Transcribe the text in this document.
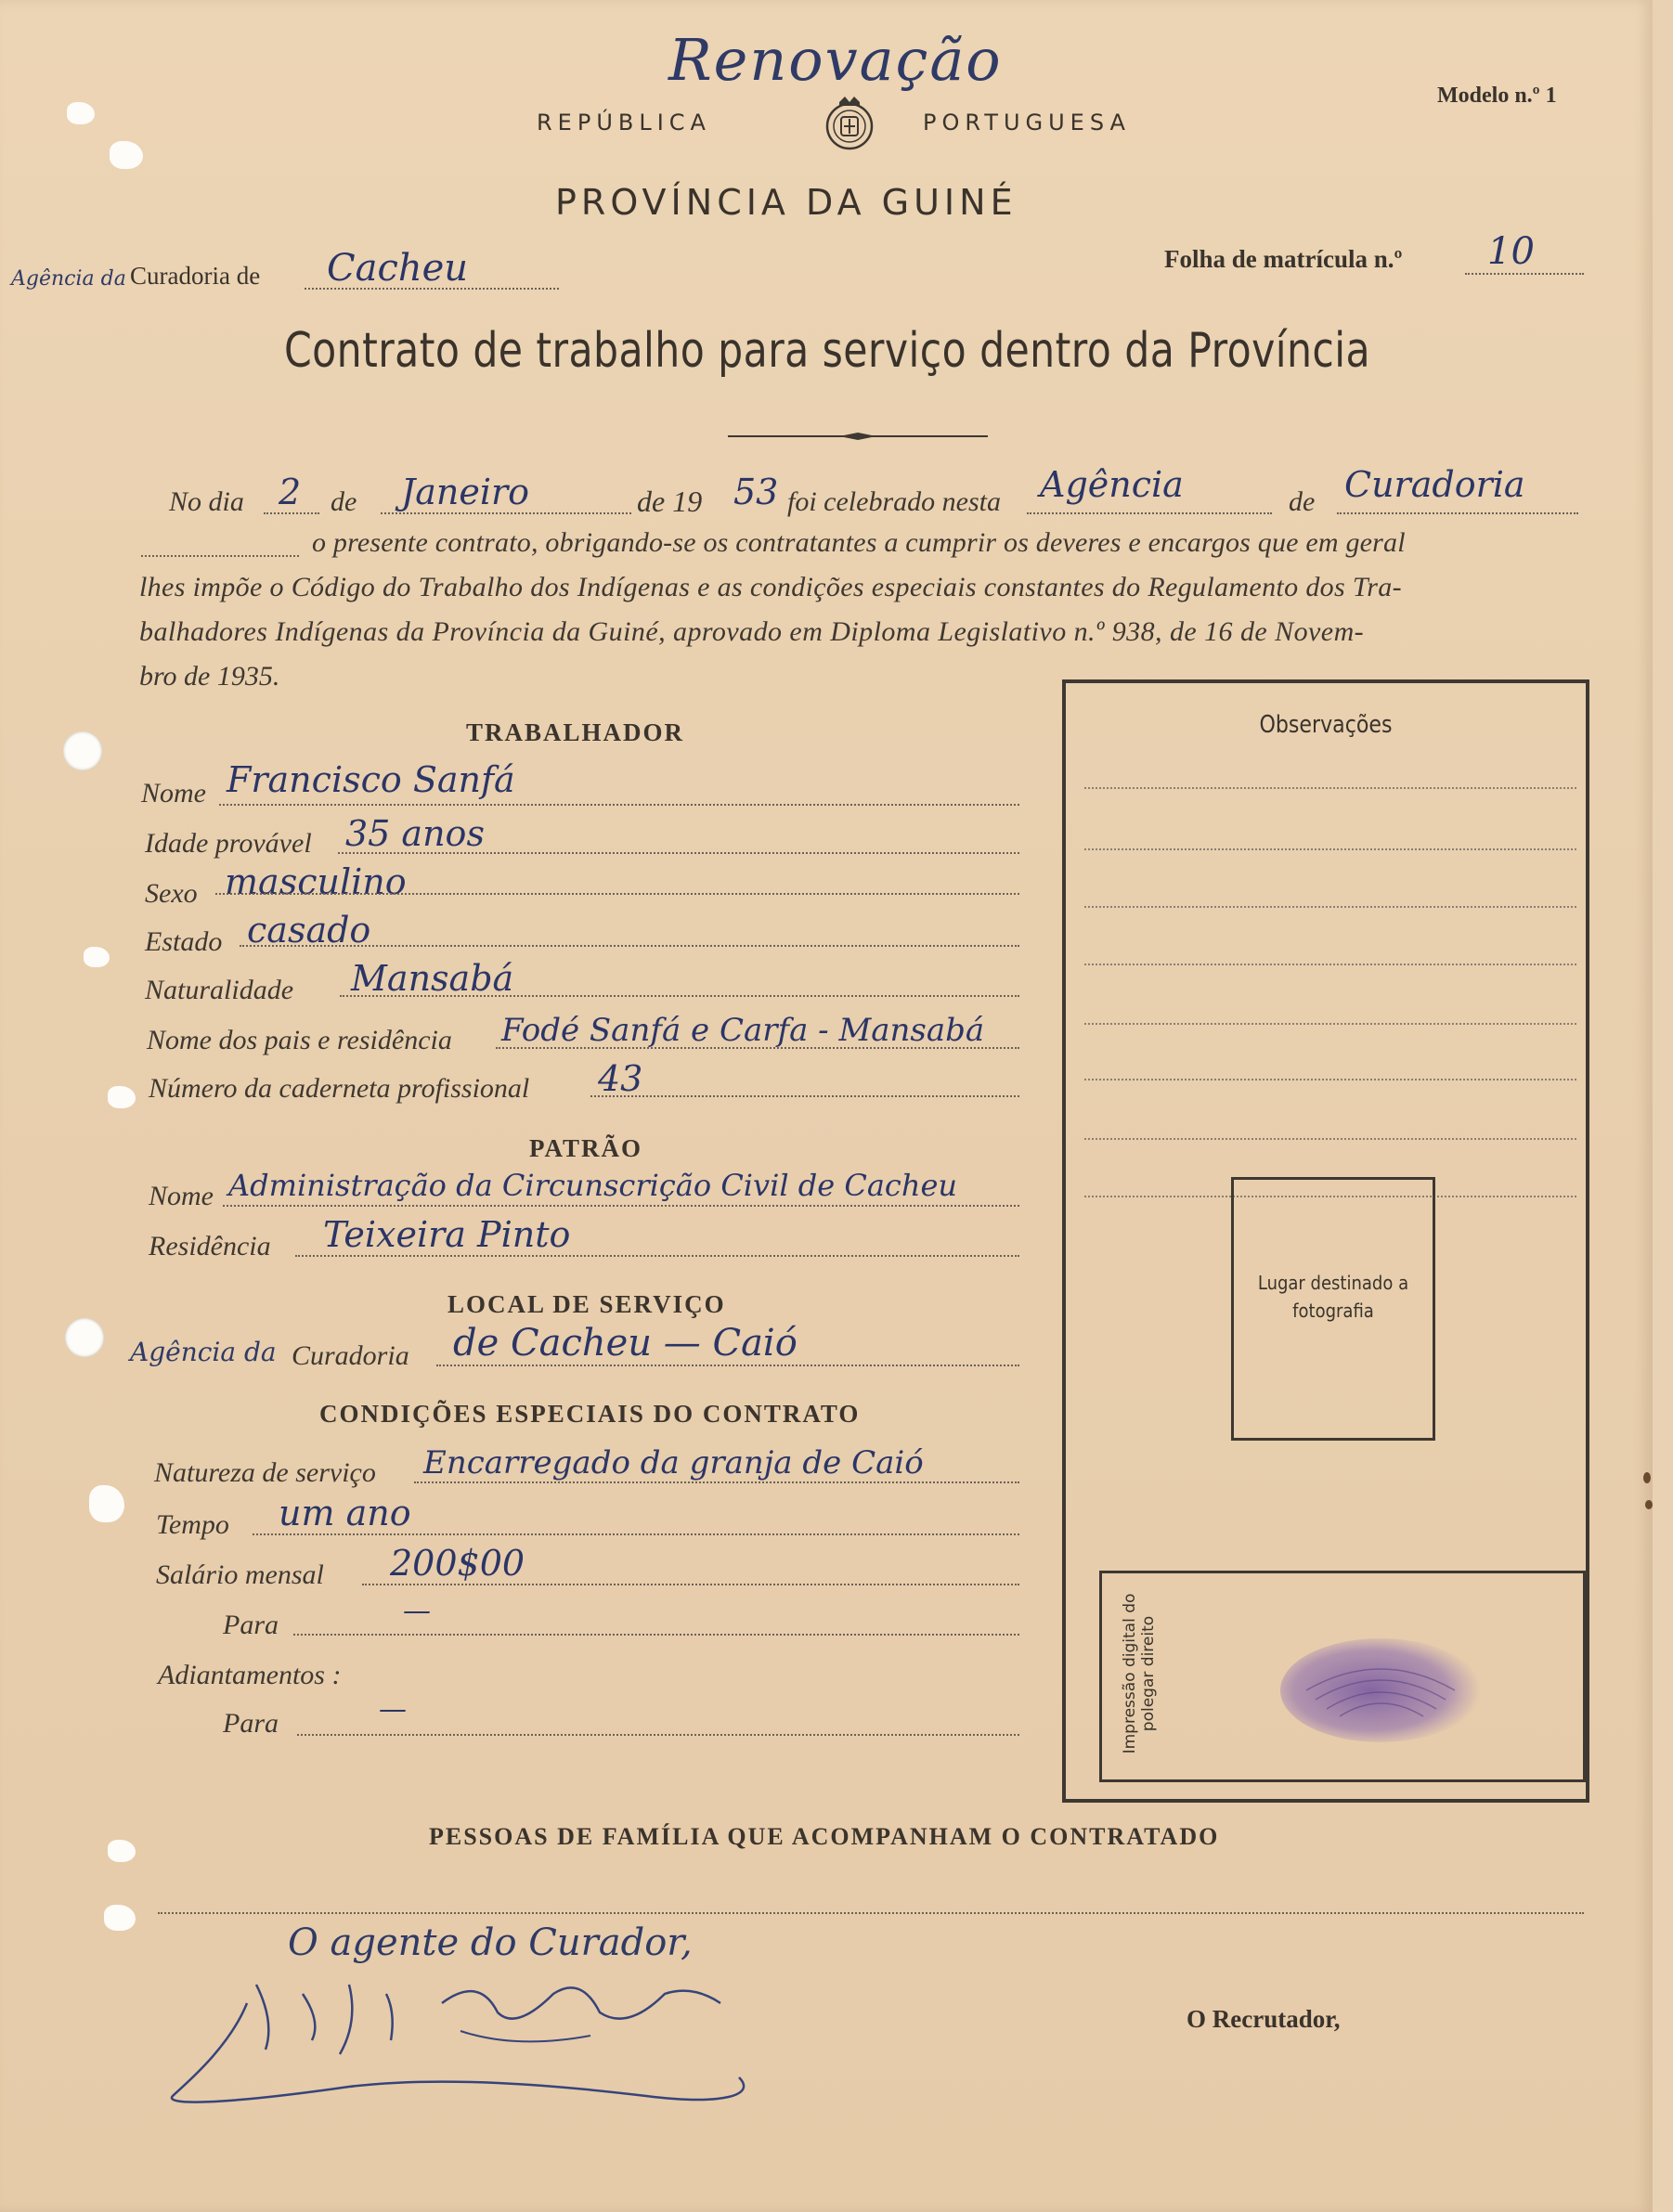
Renovação
REPÚBLICA	PORTUGUESA
Modelo n.º 1
PROVÍNCIA DA GUINÉ
Agência da Curadoria de Cacheu	Folha de matrícula n.º 10
Contrato de trabalho para serviço dentro da Província
No dia 2 de Janeiro	de 19 53 foi celebrado nesta Agência	de Curadoria
o presente contrato, obrigando-se os contratantes a cumprir os deveres e encargos que em geral
lhes impõe o Código do Trabalho dos Indígenas e as condições especiais constantes do Regulamento dos Tra-
balhadores Indígenas da Província da Guiné, aprovado em Diploma Legislativo n.º 938, de 16 de Novem-
bro de 1935.
TRABALHADOR
Nome Francisco Sanfá
Idade provável 35 anos
Sexo masculino
Estado casado
Naturalidade Mansabá
Nome dos pais e residência Fodé Sanfá e Carfa - Mansabá
Número da caderneta profissional 43
PATRÃO
Nome Administração da Circunscrição Civil de Cacheu
Residência Teixeira Pinto
LOCAL DE SERVIÇO
Agência da Curadoria de Cacheu — Caió
CONDIÇÕES ESPECIAIS DO CONTRATO
Natureza de serviço Encarregado da granja de Caió
Tempo um ano
Salário mensal 200$00
Para	—
Adiantamentos :
Para	—
Observações
Lugar destinado a fotografia
Impressão digital do polegar direito
PESSOAS DE FAMÍLIA QUE ACOMPANHAM O CONTRATADO
O agente do Curador,
O Recrutador,
